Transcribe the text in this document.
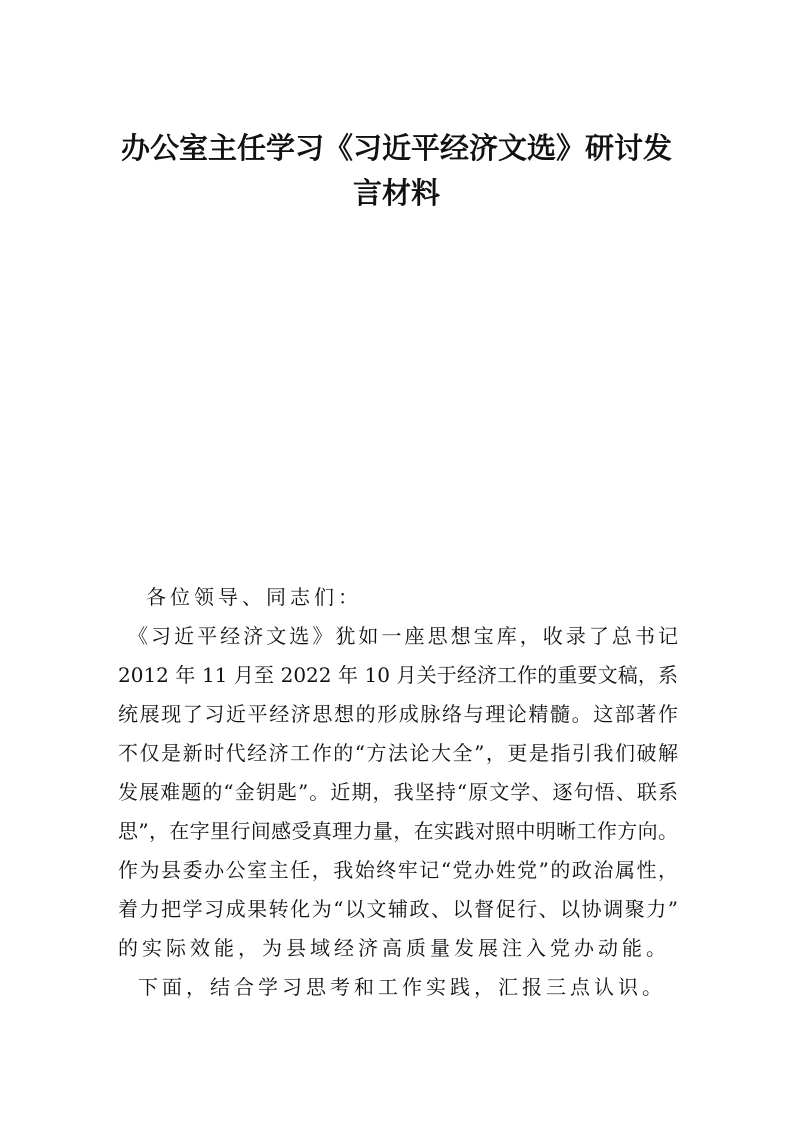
办公室主任学习《习近平经济文选》研讨发
言材料
各位领导、同志们：
《习近平经济文选》犹如一座思想宝库，收录了总书记
2012 年 11 月至 2022 年 10 月关于经济工作的重要文稿，系
统展现了习近平经济思想的形成脉络与理论精髓。这部著作
不仅是新时代经济工作的“方法论大全”，更是指引我们破解
发展难题的“金钥匙”。近期，我坚持“原文学、逐句悟、联系
思”，在字里行间感受真理力量，在实践对照中明晰工作方向。
作为县委办公室主任，我始终牢记“党办姓党”的政治属性，
着力把学习成果转化为“以文辅政、以督促行、以协调聚力”
的实际效能，为县域经济高质量发展注入党办动能。
下面，结合学习思考和工作实践，汇报三点认识。
